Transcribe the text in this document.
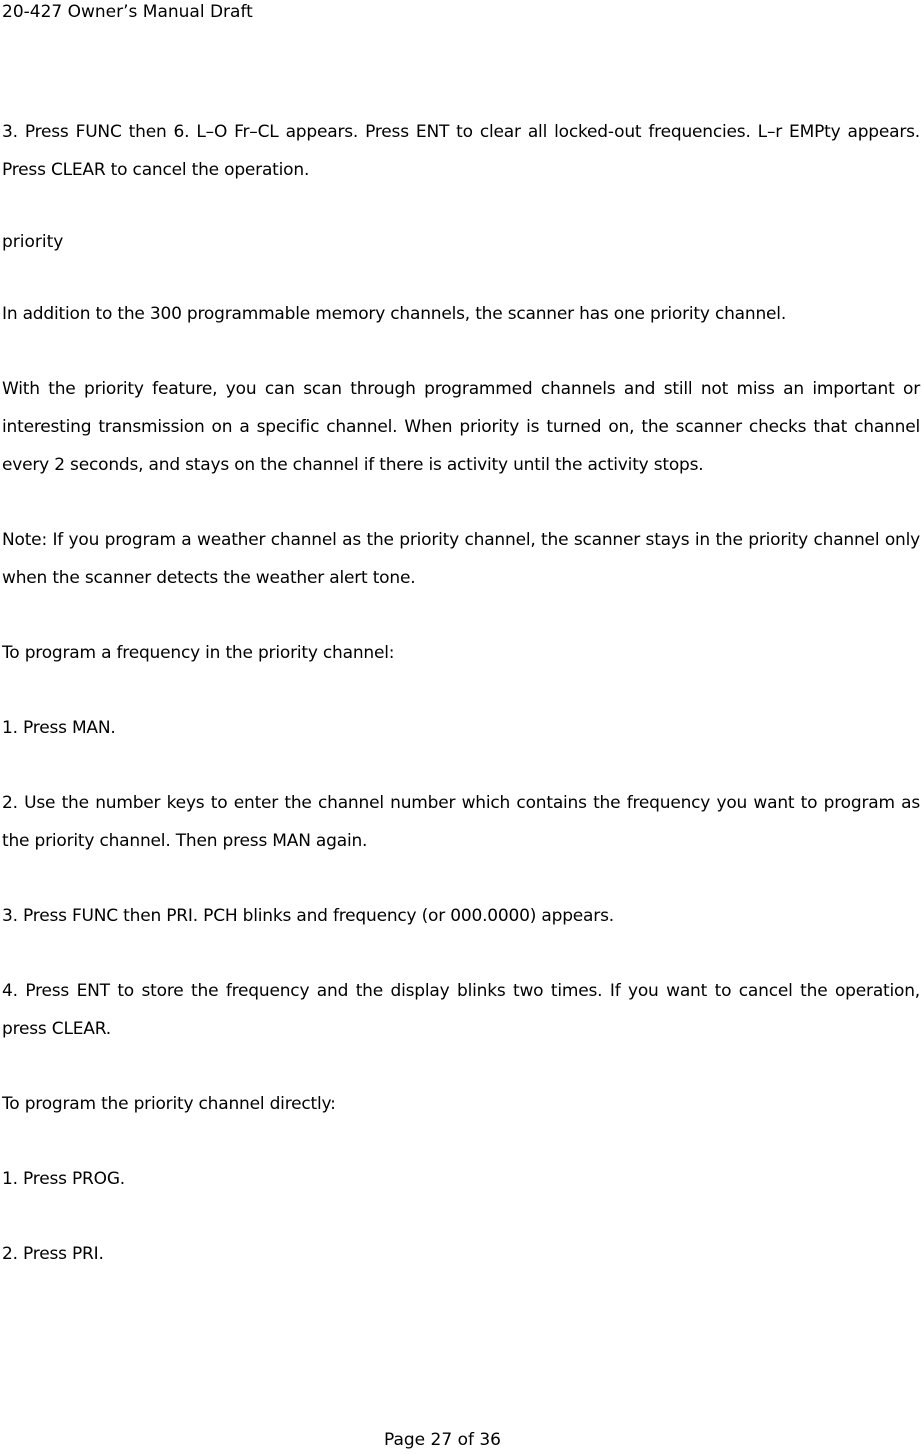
20-427 Owner’s Manual Draft

3. Press FUNC then 6. L–O Fr–CL appears. Press ENT to clear all locked-out frequencies. L–r EMPty appears. Press CLEAR to cancel the operation.

priority

In addition to the 300 programmable memory channels, the scanner has one priority channel.

With the priority feature, you can scan through programmed channels and still not miss an important or interesting transmission on a specific channel. When priority is turned on, the scanner checks that channel every 2 seconds, and stays on the channel if there is activity until the activity stops.

Note: If you program a weather channel as the priority channel, the scanner stays in the priority channel only when the scanner detects the weather alert tone.

To program a frequency in the priority channel:

1. Press MAN.

2. Use the number keys to enter the channel number which contains the frequency you want to program as the priority channel. Then press MAN again.

3. Press FUNC then PRI. PCH blinks and frequency (or 000.0000) appears.

4. Press ENT to store the frequency and the display blinks two times. If you want to cancel the operation, press CLEAR.

To program the priority channel directly:

1. Press PROG.

2. Press PRI.

Page 27 of 36
